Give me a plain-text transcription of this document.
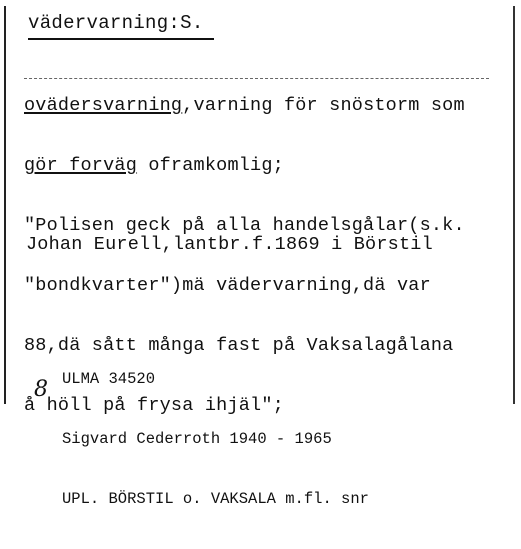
vädervarning:S.

ovädersvarning,varning för snöstorm som

gör forväg oframkomlig;

"Polisen geck på alla handelsgålar(s.k.

"bondkvarter")mä vädervarning,dä var

88,dä sått många fast på Vaksalagålana

å höll på frysa ihjäl";

Johan Eurell,lantbr.f.1869 i Börstil

ULMA 34520

Sigvard Cederroth 1940 - 1965

UPL. BÖRSTIL o. VAKSALA m.fl. snr

8
